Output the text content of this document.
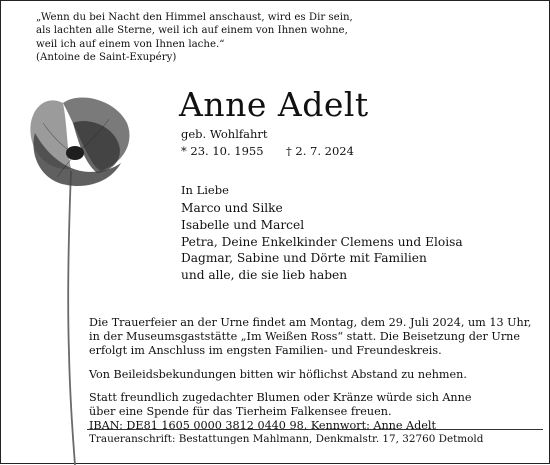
„Wenn du bei Nacht den Himmel anschaust, wird es Dir sein,
als lachten alle Sterne, weil ich auf einem von Ihnen wohne,
weil ich auf einem von Ihnen lache.“
(Antoine de Saint-Exupéry)
Anne Adelt
geb. Wohlfahrt
* 23. 10. 1955 † 2. 7. 2024
In Liebe
Marco und Silke
Isabelle und Marcel
Petra, Deine Enkelkinder Clemens und Eloisa
Dagmar, Sabine und Dörte mit Familien
und alle, die sie lieb haben

Die Trauerfeier an der Urne findet am Montag, dem 29. Juli 2024, um 13 Uhr,
in der Museumsgaststätte „Im Weißen Ross“ statt. Die Beisetzung der Urne
erfolgt im Anschluss im engsten Familien- und Freundeskreis.

Von Beileidsbekundungen bitten wir höflichst Abstand zu nehmen.

Statt freundlich zugedachter Blumen oder Kränze würde sich Anne
über eine Spende für das Tierheim Falkensee freuen.
IBAN: DE81 1605 0000 3812 0440 98, Kennwort: Anne Adelt

Traueranschrift: Bestattungen Mahlmann, Denkmalstr. 17, 32760 Detmold
